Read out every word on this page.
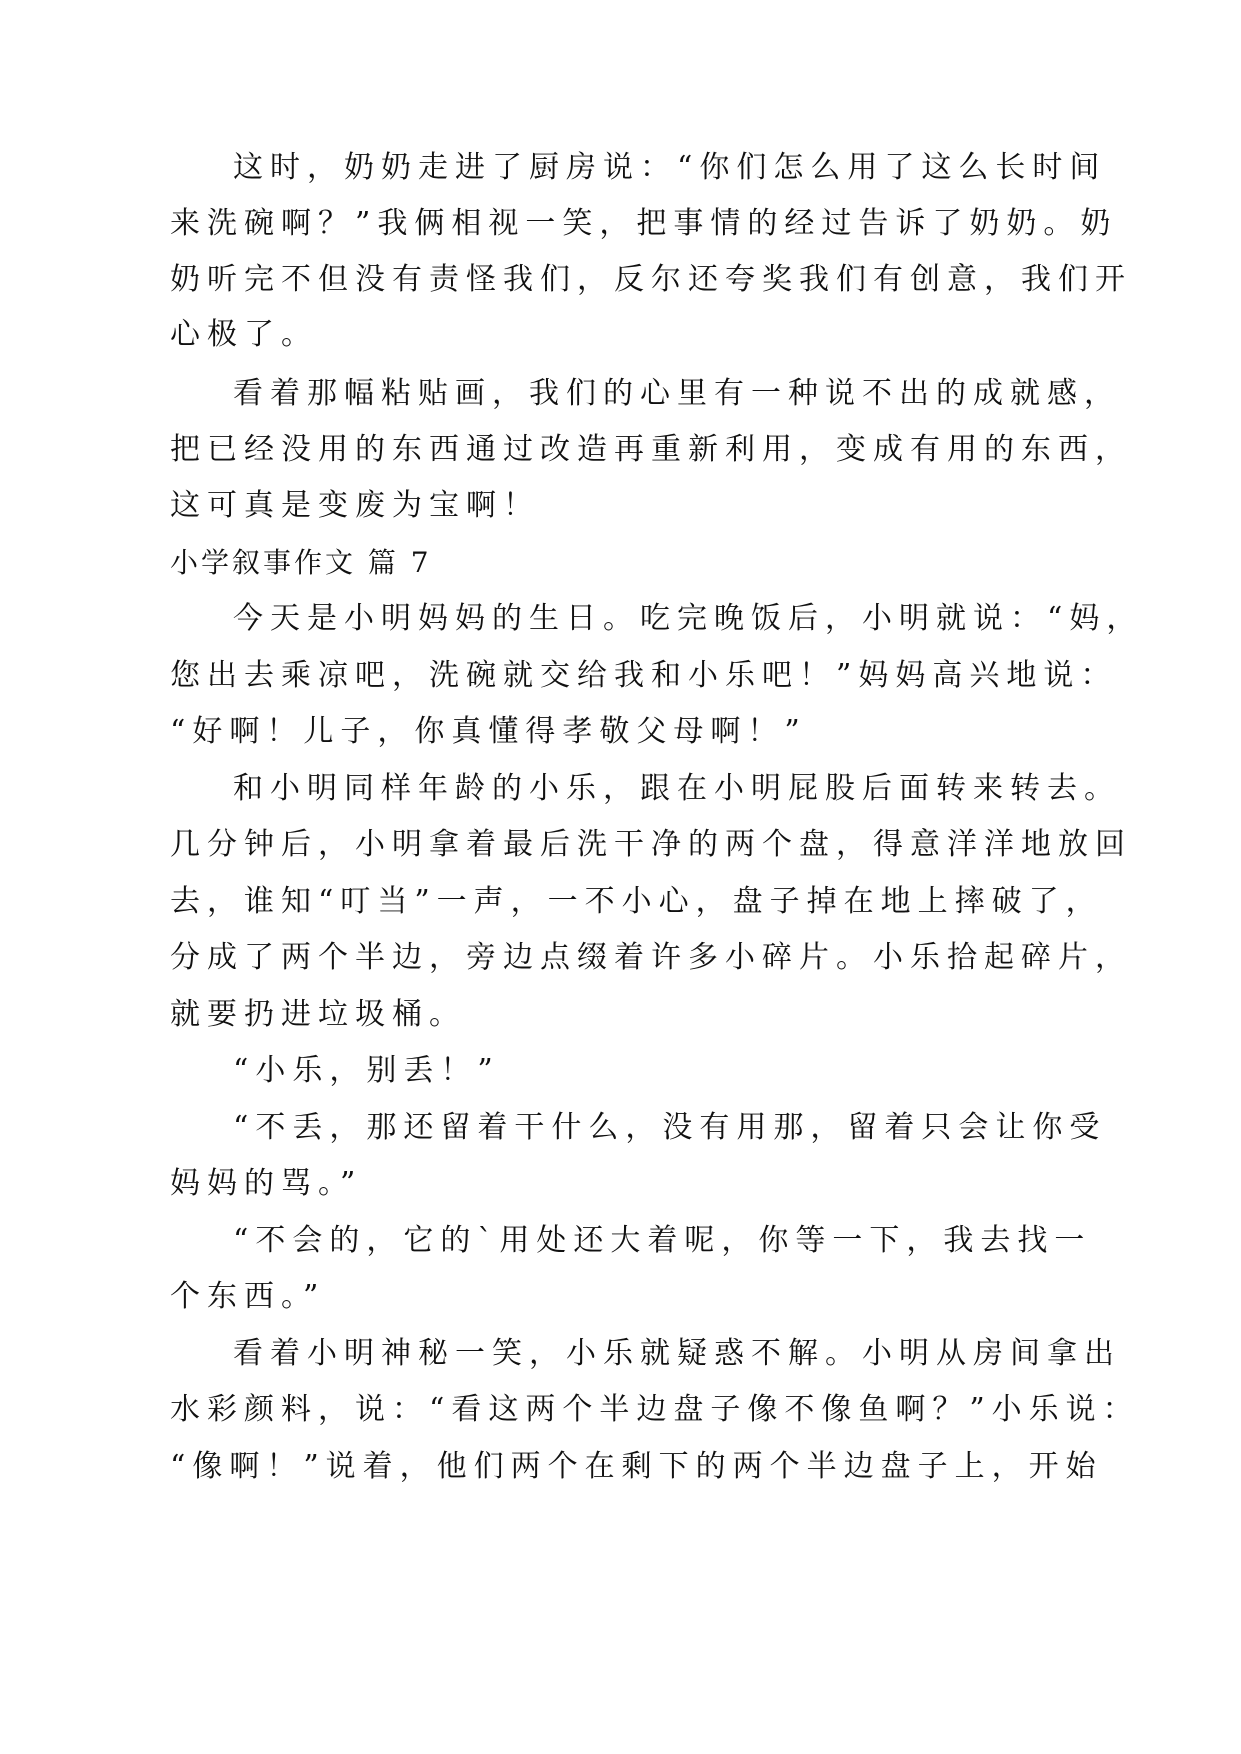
这时，奶奶走进了厨房说：“你们怎么用了这么长时间
来洗碗啊？”我俩相视一笑，把事情的经过告诉了奶奶。奶
奶听完不但没有责怪我们，反尔还夸奖我们有创意，我们开
心极了。
看着那幅粘贴画，我们的心里有一种说不出的成就感，
把已经没用的东西通过改造再重新利用，变成有用的东西，
这可真是变废为宝啊！
小学叙事作文 篇 7
今天是小明妈妈的生日。吃完晚饭后，小明就说：“妈，
您出去乘凉吧，洗碗就交给我和小乐吧！”妈妈高兴地说：
“好啊！儿子，你真懂得孝敬父母啊！”
和小明同样年龄的小乐，跟在小明屁股后面转来转去。
几分钟后，小明拿着最后洗干净的两个盘，得意洋洋地放回
去，谁知“叮当”一声，一不小心，盘子掉在地上摔破了，
分成了两个半边，旁边点缀着许多小碎片。小乐拾起碎片，
就要扔进垃圾桶。
“小乐，别丢！”
“不丢，那还留着干什么，没有用那，留着只会让你受
妈妈的骂。”
“不会的，它的`用处还大着呢，你等一下，我去找一
个东西。”
看着小明神秘一笑，小乐就疑惑不解。小明从房间拿出
水彩颜料，说：“看这两个半边盘子像不像鱼啊？”小乐说：
“像啊！”说着，他们两个在剩下的两个半边盘子上，开始
